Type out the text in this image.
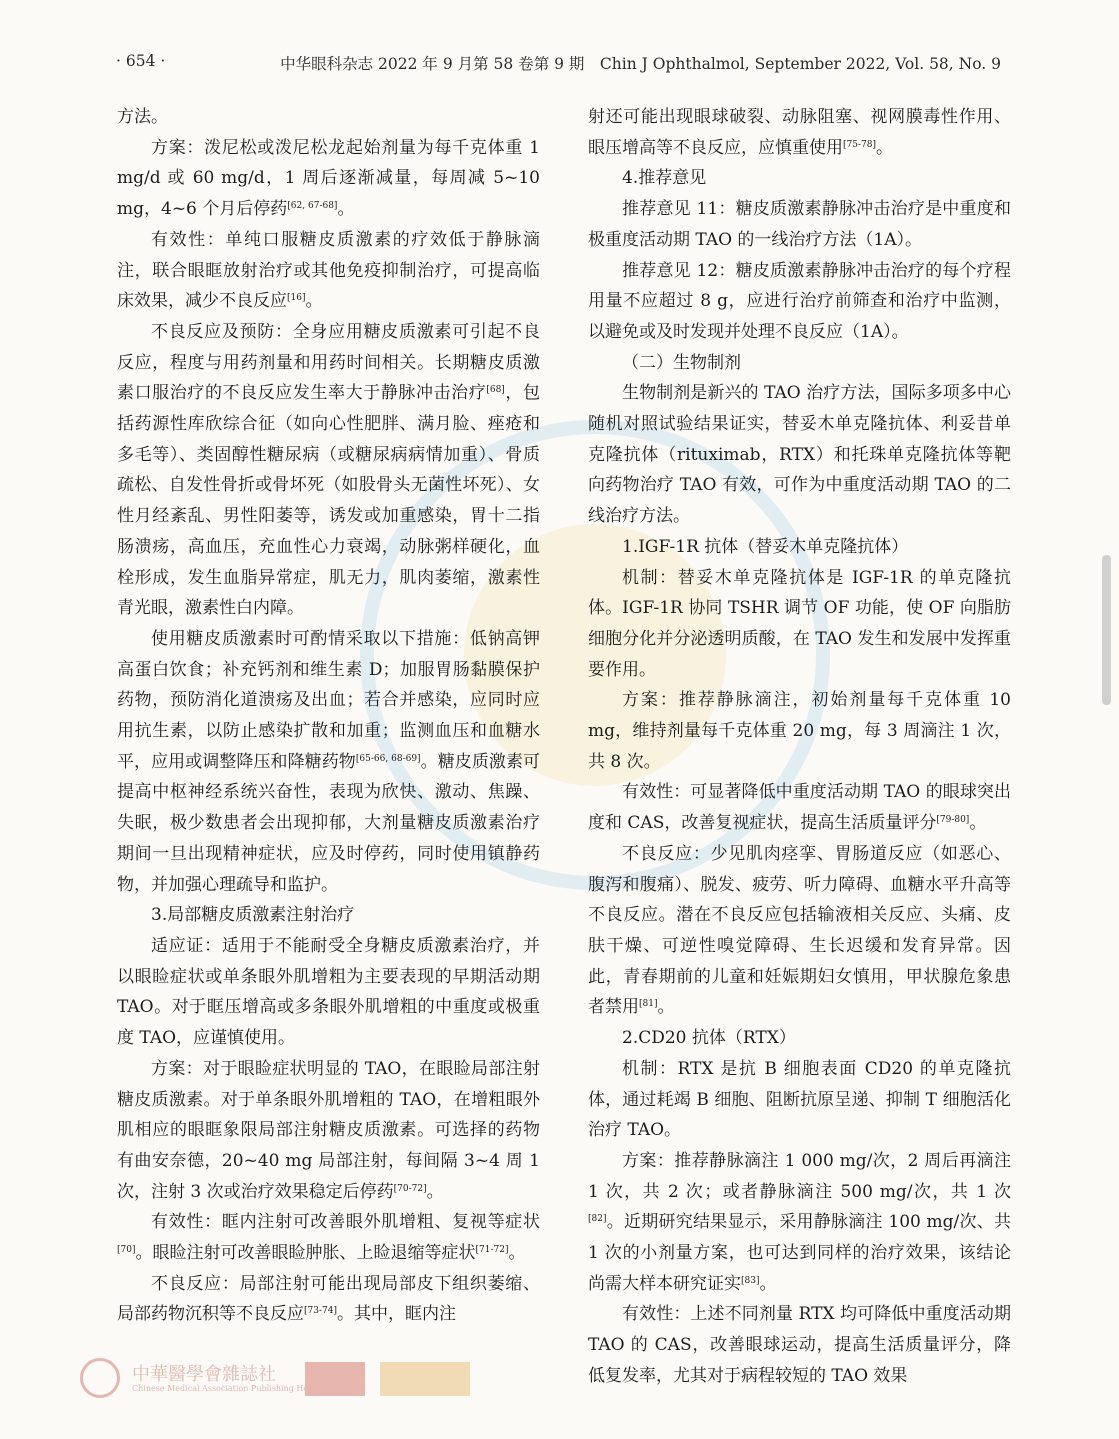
· 654 ·	中华眼科杂志 2022 年 9 月第 58 卷第 9 期　Chin J Ophthalmol, September 2022, Vol. 58, No. 9

方法。

方案：泼尼松或泼尼松龙起始剂量为每千克体重 1 mg/d 或 60 mg/d，1 周后逐渐减量，每周减 5~10 mg，4~6 个月后停药[62, 67-68]。

有效性：单纯口服糖皮质激素的疗效低于静脉滴注，联合眼眶放射治疗或其他免疫抑制治疗，可提高临床效果，减少不良反应[16]。

不良反应及预防：全身应用糖皮质激素可引起不良反应，程度与用药剂量和用药时间相关。长期糖皮质激素口服治疗的不良反应发生率大于静脉冲击治疗[68]，包括药源性库欣综合征（如向心性肥胖、满月脸、痤疮和多毛等）、类固醇性糖尿病（或糖尿病病情加重）、骨质疏松、自发性骨折或骨坏死（如股骨头无菌性坏死）、女性月经紊乱、男性阳萎等，诱发或加重感染，胃十二指肠溃疡，高血压，充血性心力衰竭，动脉粥样硬化，血栓形成，发生血脂异常症，肌无力，肌肉萎缩，激素性青光眼，激素性白内障。

使用糖皮质激素时可酌情采取以下措施：低钠高钾高蛋白饮食；补充钙剂和维生素 D；加服胃肠黏膜保护药物，预防消化道溃疡及出血；若合并感染，应同时应用抗生素，以防止感染扩散和加重；监测血压和血糖水平，应用或调整降压和降糖药物[65-66, 68-69]。糖皮质激素可提高中枢神经系统兴奋性，表现为欣快、激动、焦躁、失眠，极少数患者会出现抑郁，大剂量糖皮质激素治疗期间一旦出现精神症状，应及时停药，同时使用镇静药物，并加强心理疏导和监护。

3.局部糖皮质激素注射治疗

适应证：适用于不能耐受全身糖皮质激素治疗，并以眼睑症状或单条眼外肌增粗为主要表现的早期活动期 TAO。对于眶压增高或多条眼外肌增粗的中重度或极重度 TAO，应谨慎使用。

方案：对于眼睑症状明显的 TAO，在眼睑局部注射糖皮质激素。对于单条眼外肌增粗的 TAO，在增粗眼外肌相应的眼眶象限局部注射糖皮质激素。可选择的药物有曲安奈德，20~40 mg 局部注射，每间隔 3~4 周 1 次，注射 3 次或治疗效果稳定后停药[70-72]。

有效性：眶内注射可改善眼外肌增粗、复视等症状[70]。眼睑注射可改善眼睑肿胀、上睑退缩等症状[71-72]。

不良反应：局部注射可能出现局部皮下组织萎缩、局部药物沉积等不良反应[73-74]。其中，眶内注

射还可能出现眼球破裂、动脉阻塞、视网膜毒性作用、眼压增高等不良反应，应慎重使用[75-78]。

4.推荐意见

推荐意见 11：糖皮质激素静脉冲击治疗是中重度和极重度活动期 TAO 的一线治疗方法（1A）。

推荐意见 12：糖皮质激素静脉冲击治疗的每个疗程用量不应超过 8 g，应进行治疗前筛查和治疗中监测，以避免或及时发现并处理不良反应（1A）。

（二）生物制剂

生物制剂是新兴的 TAO 治疗方法，国际多项多中心随机对照试验结果证实，替妥木单克隆抗体、利妥昔单克隆抗体（rituximab，RTX）和托珠单克隆抗体等靶向药物治疗 TAO 有效，可作为中重度活动期 TAO 的二线治疗方法。

1.IGF-1R 抗体（替妥木单克隆抗体）

机制：替妥木单克隆抗体是 IGF-1R 的单克隆抗体。IGF-1R 协同 TSHR 调节 OF 功能，使 OF 向脂肪细胞分化并分泌透明质酸，在 TAO 发生和发展中发挥重要作用。

方案：推荐静脉滴注，初始剂量每千克体重 10 mg，维持剂量每千克体重 20 mg，每 3 周滴注 1 次，共 8 次。

有效性：可显著降低中重度活动期 TAO 的眼球突出度和 CAS，改善复视症状，提高生活质量评分[79-80]。

不良反应：少见肌肉痉挛、胃肠道反应（如恶心、腹泻和腹痛）、脱发、疲劳、听力障碍、血糖水平升高等不良反应。潜在不良反应包括输液相关反应、头痛、皮肤干燥、可逆性嗅觉障碍、生长迟缓和发育异常。因此，青春期前的儿童和妊娠期妇女慎用，甲状腺危象患者禁用[81]。

2.CD20 抗体（RTX）

机制：RTX 是抗 B 细胞表面 CD20 的单克隆抗体，通过耗竭 B 细胞、阻断抗原呈递、抑制 T 细胞活化治疗 TAO。

方案：推荐静脉滴注 1 000 mg/次，2 周后再滴注 1 次，共 2 次；或者静脉滴注 500 mg/次，共 1 次[82]。近期研究结果显示，采用静脉滴注 100 mg/次、共 1 次的小剂量方案，也可达到同样的治疗效果，该结论尚需大样本研究证实[83]。

有效性：上述不同剂量 RTX 均可降低中重度活动期 TAO 的 CAS，改善眼球运动，提高生活质量评分，降低复发率，尤其对于病程较短的 TAO 效果

中華醫學會雜誌社
Chinese Medical Association Publishing House
